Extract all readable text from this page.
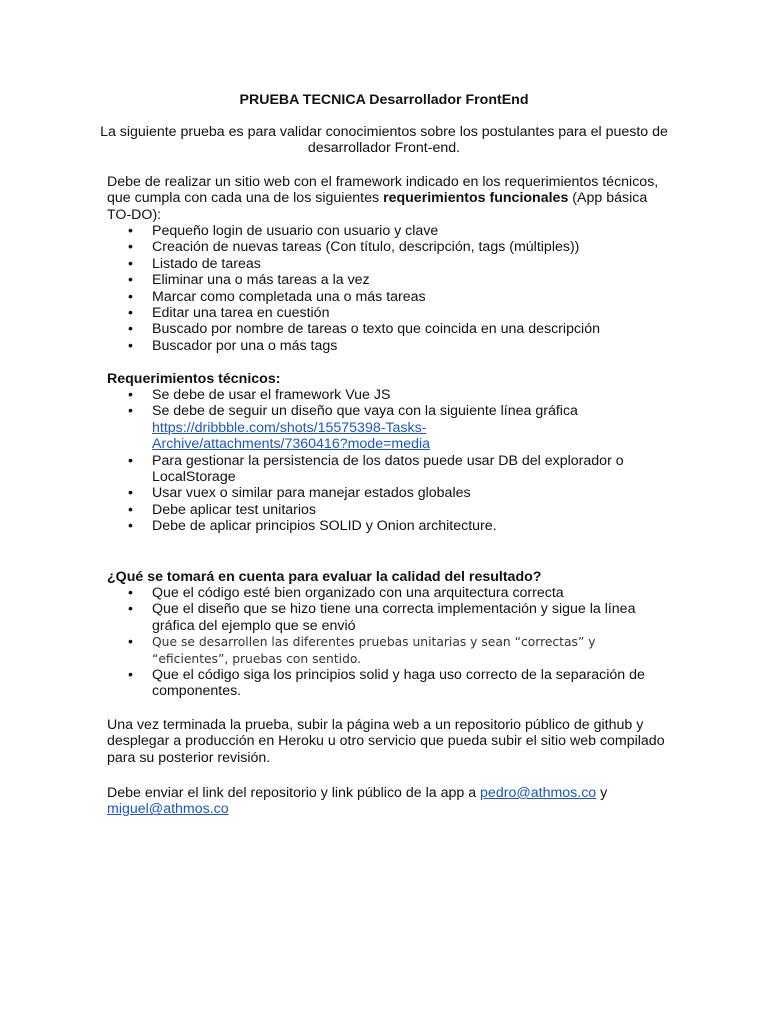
PRUEBA TECNICA Desarrollador FrontEnd
La siguiente prueba es para validar conocimientos sobre los postulantes para el puesto de
desarrollador Front-end.
Debe de realizar un sitio web con el framework indicado en los requerimientos técnicos, que cumpla con cada una de los siguientes requerimientos funcionales (App básica TO-DO):
• Pequeño login de usuario con usuario y clave
• Creación de nuevas tareas (Con título, descripción, tags (múltiples))
• Listado de tareas
• Eliminar una o más tareas a la vez
• Marcar como completada una o más tareas
• Editar una tarea en cuestión
• Buscado por nombre de tareas o texto que coincida en una descripción
• Buscador por una o más tags
Requerimientos técnicos:
• Se debe de usar el framework Vue JS
• Se debe de seguir un diseño que vaya con la siguiente línea gráfica
https://dribbble.com/shots/15575398-Tasks-
Archive/attachments/7360416?mode=media
• Para gestionar la persistencia de los datos puede usar DB del explorador o LocalStorage
• Usar vuex o similar para manejar estados globales
• Debe aplicar test unitarios
• Debe de aplicar principios SOLID y Onion architecture.
¿Qué se tomará en cuenta para evaluar la calidad del resultado?
• Que el código esté bien organizado con una arquitectura correcta
• Que el diseño que se hizo tiene una correcta implementación y sigue la línea gráfica del ejemplo que se envió
• Que se desarrollen las diferentes pruebas unitarias y sean “correctas” y “eficientes”, pruebas con sentido.
• Que el código siga los principios solid y haga uso correcto de la separación de componentes.
Una vez terminada la prueba, subir la página web a un repositorio público de github y desplegar a producción en Heroku u otro servicio que pueda subir el sitio web compilado para su posterior revisión.
Debe enviar el link del repositorio y link público de la app a pedro@athmos.co y
miguel@athmos.co
